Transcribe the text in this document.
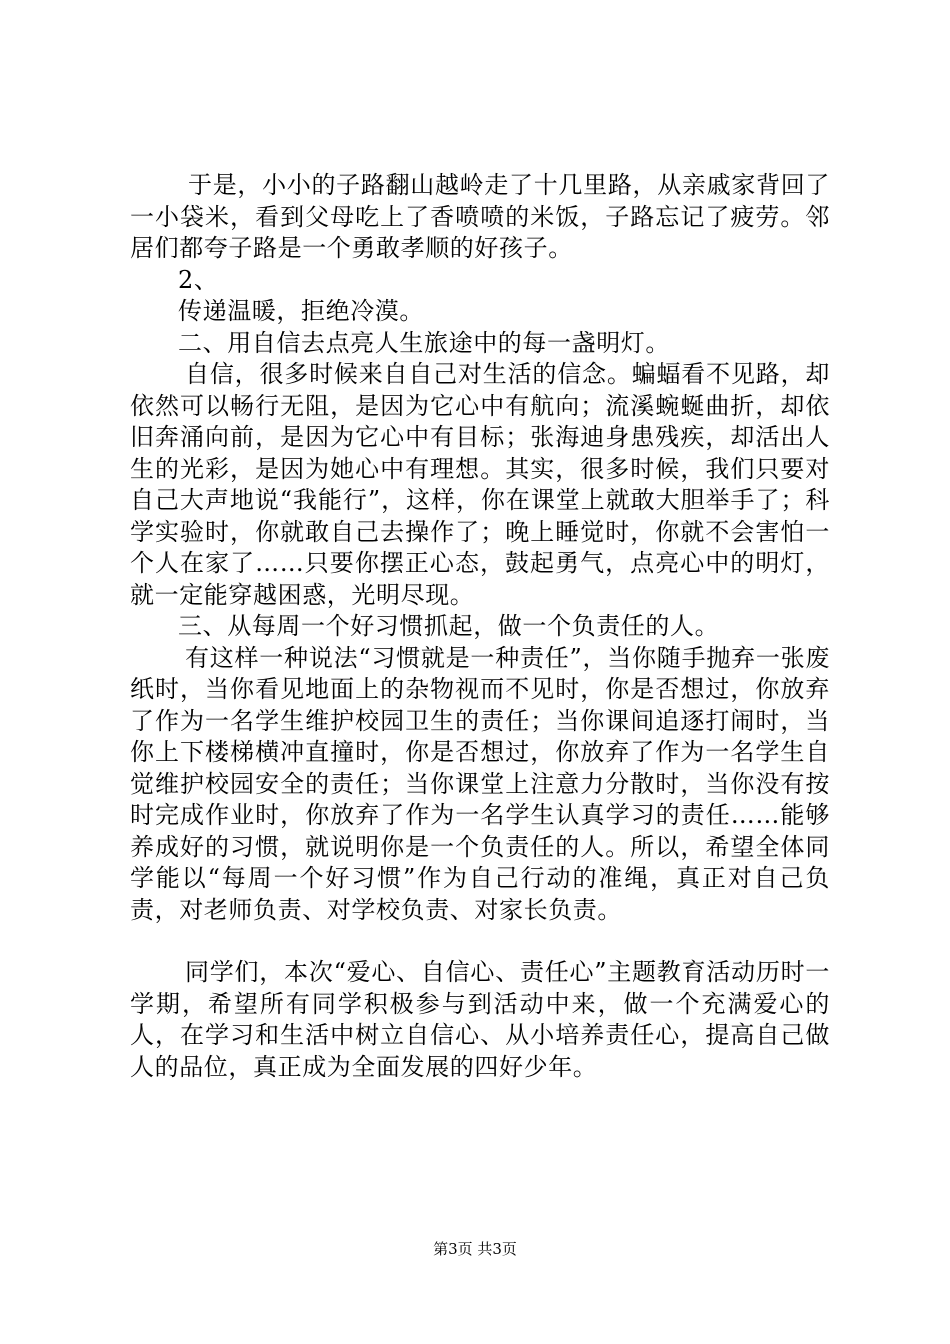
于是，小小的子路翻山越岭走了十几里路，从亲戚家背回了一小袋米，看到父母吃上了香喷喷的米饭，子路忘记了疲劳。邻居们都夸子路是一个勇敢孝顺的好孩子。

2、

传递温暖，拒绝冷漠。

二、用自信去点亮人生旅途中的每一盏明灯。

自信，很多时候来自自己对生活的信念。蝙蝠看不见路，却依然可以畅行无阻，是因为它心中有航向；流溪蜿蜒曲折，却依旧奔涌向前，是因为它心中有目标；张海迪身患残疾，却活出人生的光彩，是因为她心中有理想。其实，很多时候，我们只要对自己大声地说“我能行”，这样，你在课堂上就敢大胆举手了；科学实验时，你就敢自己去操作了；晚上睡觉时，你就不会害怕一个人在家了……只要你摆正心态，鼓起勇气，点亮心中的明灯，就一定能穿越困惑，光明尽现。

三、从每周一个好习惯抓起，做一个负责任的人。

有这样一种说法“习惯就是一种责任”，当你随手抛弃一张废纸时，当你看见地面上的杂物视而不见时，你是否想过，你放弃了作为一名学生维护校园卫生的责任；当你课间追逐打闹时，当你上下楼梯横冲直撞时，你是否想过，你放弃了作为一名学生自觉维护校园安全的责任；当你课堂上注意力分散时，当你没有按时完成作业时，你放弃了作为一名学生认真学习的责任……能够养成好的习惯，就说明你是一个负责任的人。所以，希望全体同学能以“每周一个好习惯”作为自己行动的准绳，真正对自己负责，对老师负责、对学校负责、对家长负责。

同学们，本次“爱心、自信心、责任心”主题教育活动历时一学期，希望所有同学积极参与到活动中来，做一个充满爱心的人，在学习和生活中树立自信心、从小培养责任心，提高自己做人的品位，真正成为全面发展的四好少年。

第3页 共3页
